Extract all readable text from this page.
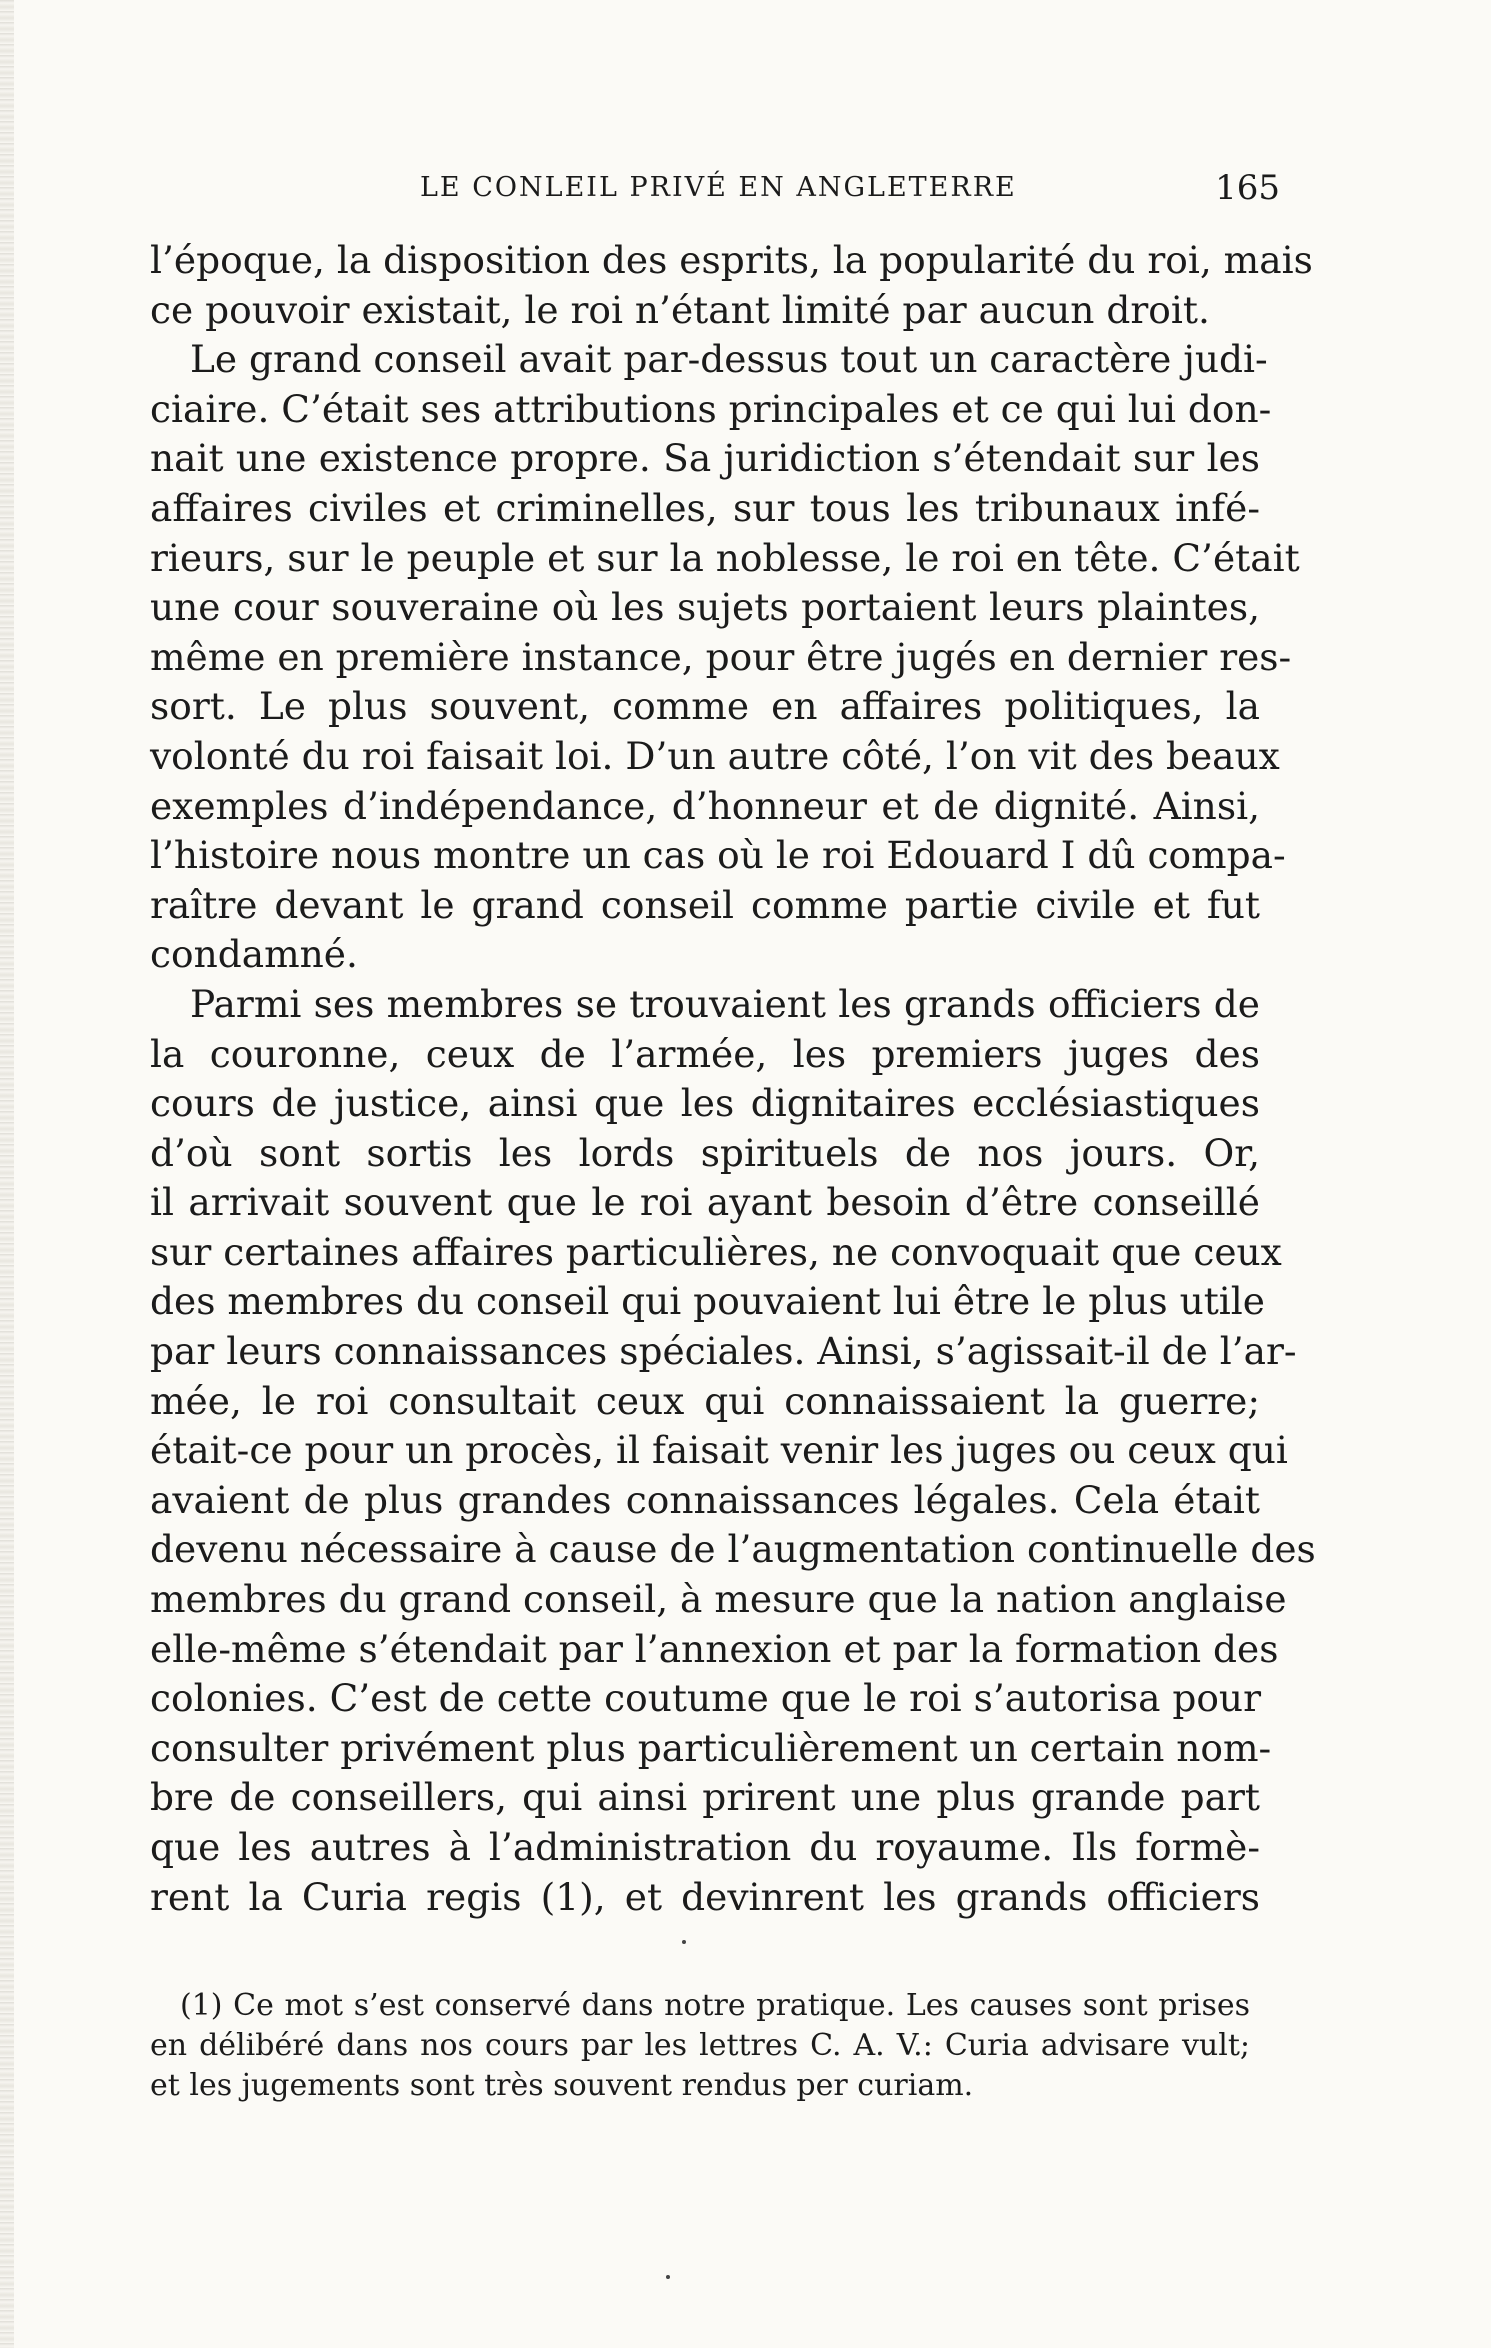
LE CONLEIL PRIVÉ EN ANGLETERRE	165
l’époque, la disposition des esprits, la popularité du roi, mais
ce pouvoir existait, le roi n’étant limité par aucun droit.
Le grand conseil avait par-dessus tout un caractère judi-
ciaire. C’était ses attributions principales et ce qui lui don-
nait une existence propre. Sa juridiction s’étendait sur les
affaires civiles et criminelles, sur tous les tribunaux infé-
rieurs, sur le peuple et sur la noblesse, le roi en tête. C’était
une cour souveraine où les sujets portaient leurs plaintes,
même en première instance, pour être jugés en dernier res-
sort. Le plus souvent, comme en affaires politiques, la
volonté du roi faisait loi. D’un autre côté, l’on vit des beaux
exemples d’indépendance, d’honneur et de dignité. Ainsi,
l’histoire nous montre un cas où le roi Edouard I dû compa-
raître devant le grand conseil comme partie civile et fut
condamné.
Parmi ses membres se trouvaient les grands officiers de
la couronne, ceux de l’armée, les premiers juges des
cours de justice, ainsi que les dignitaires ecclésiastiques
d’où sont sortis les lords spirituels de nos jours. Or,
il arrivait souvent que le roi ayant besoin d’être conseillé
sur certaines affaires particulières, ne convoquait que ceux
des membres du conseil qui pouvaient lui être le plus utile
par leurs connaissances spéciales. Ainsi, s’agissait-il de l’ar-
mée, le roi consultait ceux qui connaissaient la guerre;
était-ce pour un procès, il faisait venir les juges ou ceux qui
avaient de plus grandes connaissances légales. Cela était
devenu nécessaire à cause de l’augmentation continuelle des
membres du grand conseil, à mesure que la nation anglaise
elle-même s’étendait par l’annexion et par la formation des
colonies. C’est de cette coutume que le roi s’autorisa pour
consulter privément plus particulièrement un certain nom-
bre de conseillers, qui ainsi prirent une plus grande part
que les autres à l’administration du royaume. Ils formè-
rent la Curia regis (1), et devinrent les grands officiers
(1) Ce mot s’est conservé dans notre pratique. Les causes sont prises
en délibéré dans nos cours par les lettres C. A. V.: Curia advisare vult;
et les jugements sont très souvent rendus per curiam.
